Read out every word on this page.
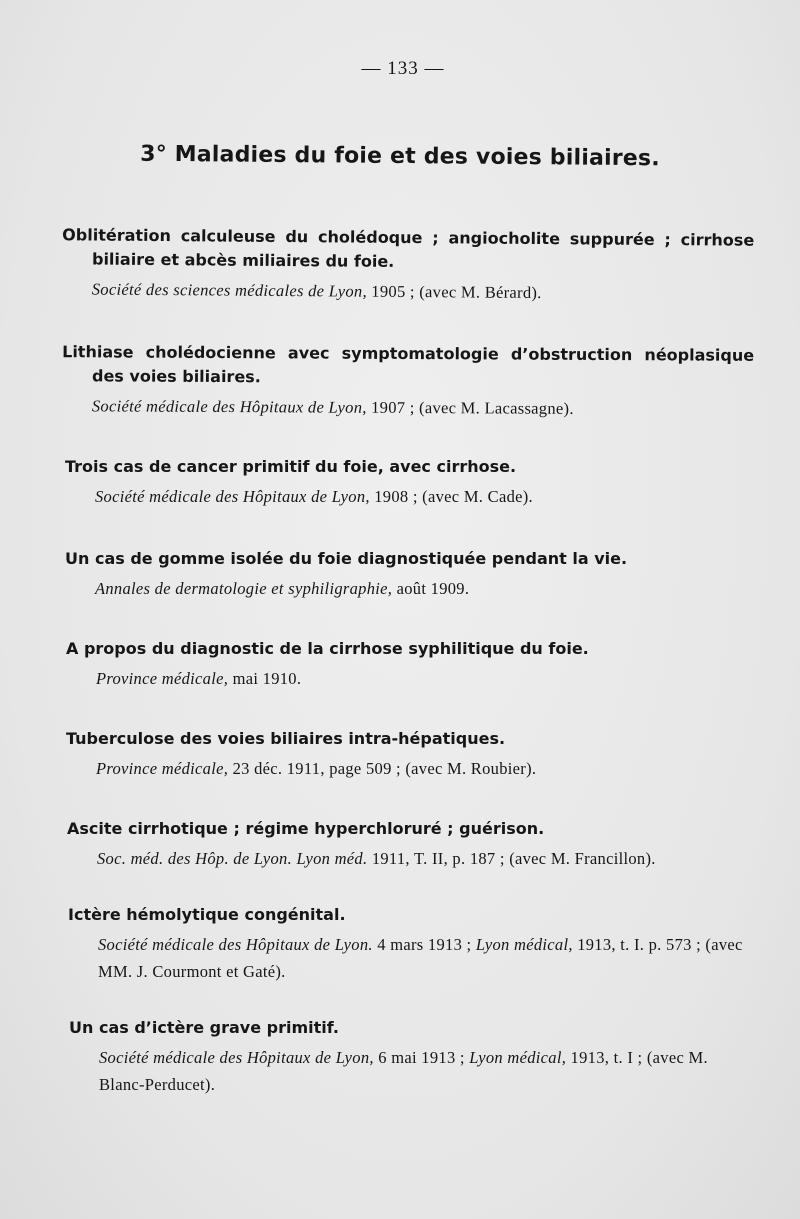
— 133 —
3° Maladies du foie et des voies biliaires.
Oblitération calculeuse du cholédoque ; angiocholite suppurée ; cirrhose biliaire et abcès miliaires du foie.
Société des sciences médicales de Lyon, 1905 ; (avec M. Bérard).
Lithiase cholédocienne avec symptomatologie d’obstruction néoplasique des voies biliaires.
Société médicale des Hôpitaux de Lyon, 1907 ; (avec M. Lacassagne).
Trois cas de cancer primitif du foie, avec cirrhose.
Société médicale des Hôpitaux de Lyon, 1908 ; (avec M. Cade).
Un cas de gomme isolée du foie diagnostiquée pendant la vie.
Annales de dermatologie et syphiligraphie, août 1909.
A propos du diagnostic de la cirrhose syphilitique du foie.
Province médicale, mai 1910.
Tuberculose des voies biliaires intra-hépatiques.
Province médicale, 23 déc. 1911, page 509 ; (avec M. Roubier).
Ascite cirrhotique ; régime hyperchloruré ; guérison.
Soc. méd. des Hôp. de Lyon. Lyon méd. 1911, T. II, p. 187 ; (avec M. Francillon).
Ictère hémolytique congénital.
Société médicale des Hôpitaux de Lyon. 4 mars 1913 ; Lyon médical, 1913, t. I. p. 573 ; (avec MM. J. Courmont et Gaté).
Un cas d’ictère grave primitif.
Société médicale des Hôpitaux de Lyon, 6 mai 1913 ; Lyon médical, 1913, t. I ; (avec M. Blanc-Perducet).
